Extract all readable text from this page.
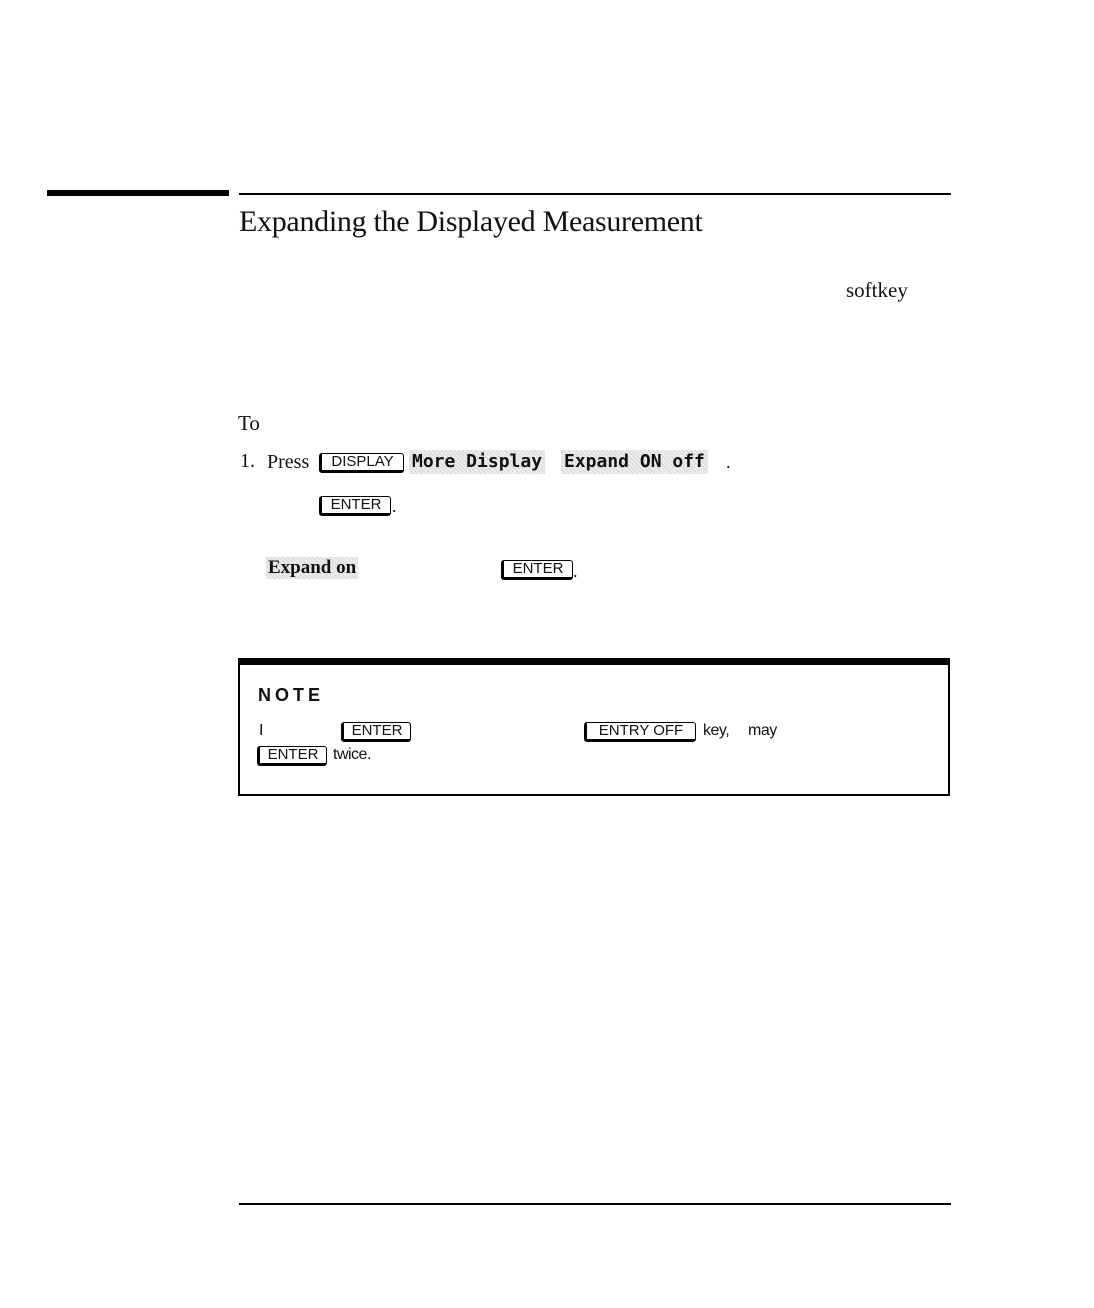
Expanding the Displayed Measurement
softkey
To
1. Press	DISPLAY	More Display Expand ON off .
ENTER .
Expand on	ENTER .
NOTE
I	ENTER	ENTRY OFF	key, may
ENTER twice.
